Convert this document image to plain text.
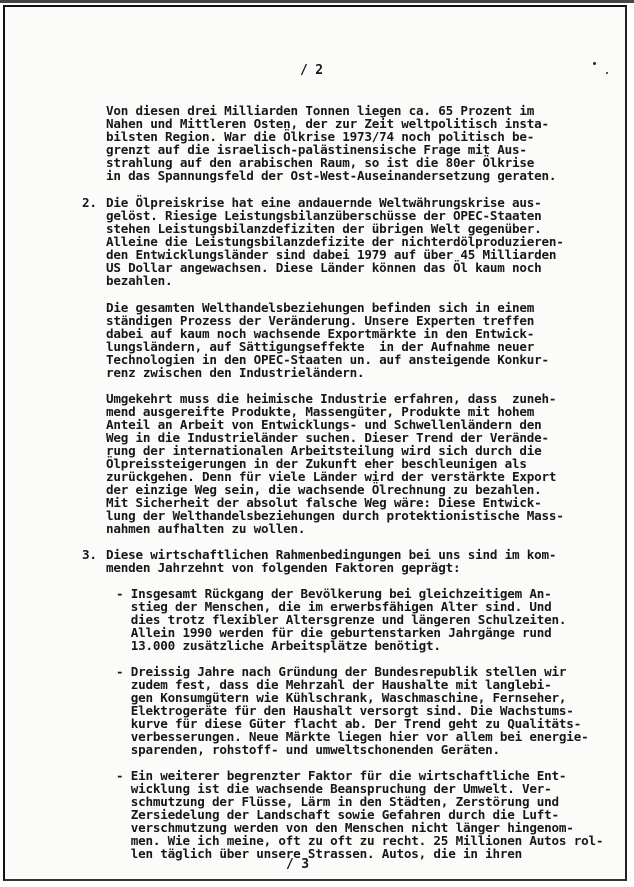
/ 2
Von diesen drei Milliarden Tonnen liegen ca. 65 Prozent im
Nahen und Mittleren Osten, der zur Zeit weltpolitisch insta-
bilsten Region. War die Ölkrise 1973/74 noch politisch be-
grenzt auf die israelisch-palästinensische Frage mit Aus-
strahlung auf den arabischen Raum, so ist die 80er Ölkrise
in das Spannungsfeld der Ost-West-Auseinandersetzung geraten.
2. Die Ölpreiskrise hat eine andauernde Weltwährungskrise aus-
gelöst. Riesige Leistungsbilanzüberschüsse der OPEC-Staaten
stehen Leistungsbilanzdefiziten der übrigen Welt gegenüber.
Alleine die Leistungsbilanzdefizite der nichterdölproduzieren-
den Entwicklungsländer sind dabei 1979 auf über 45 Milliarden
US Dollar angewachsen. Diese Länder können das Öl kaum noch
bezahlen.
Die gesamten Welthandelsbeziehungen befinden sich in einem
ständigen Prozess der Veränderung. Unsere Experten treffen
dabei auf kaum noch wachsende Exportmärkte in den Entwick-
lungsländern, auf Sättigungseffekte  in der Aufnahme neuer
Technologien in den OPEC-Staaten un. auf ansteigende Konkur-
renz zwischen den Industrieländern.
Umgekehrt muss die heimische Industrie erfahren, dass  zuneh-
mend ausgereifte Produkte, Massengüter, Produkte mit hohem
Anteil an Arbeit von Entwicklungs- und Schwellenländern den
Weg in die Industrieländer suchen. Dieser Trend der Verände-
rung der internationalen Arbeitsteilung wird sich durch die
Ölpreissteigerungen in der Zukunft eher beschleunigen als
zurückgehen. Denn für viele Länder wird der verstärkte Export
der einzige Weg sein, die wachsende Ölrechnung zu bezahlen.
Mit Sicherheit der absolut falsche Weg wäre: Diese Entwick-
lung der Welthandelsbeziehungen durch protektionistische Mass-
nahmen aufhalten zu wollen.
3. Diese wirtschaftlichen Rahmenbedingungen bei uns sind im kom-
menden Jahrzehnt von folgenden Faktoren geprägt:
- Insgesamt Rückgang der Bevölkerung bei gleichzeitigem An-
stieg der Menschen, die im erwerbsfähigen Alter sind. Und
dies trotz flexibler Altersgrenze und längeren Schulzeiten.
Allein 1990 werden für die geburtenstarken Jahrgänge rund
13.000 zusätzliche Arbeitsplätze benötigt.
- Dreissig Jahre nach Gründung der Bundesrepublik stellen wir
zudem fest, dass die Mehrzahl der Haushalte mit langlebi-
gen Konsumgütern wie Kühlschrank, Waschmaschine, Fernseher,
Elektrogeräte für den Haushalt versorgt sind. Die Wachstums-
kurve für diese Güter flacht ab. Der Trend geht zu Qualitäts-
verbesserungen. Neue Märkte liegen hier vor allem bei energie-
sparenden, rohstoff- und umweltschonenden Geräten.
- Ein weiterer begrenzter Faktor für die wirtschaftliche Ent-
wicklung ist die wachsende Beanspruchung der Umwelt. Ver-
schmutzung der Flüsse, Lärm in den Städten, Zerstörung und
Zersiedelung der Landschaft sowie Gefahren durch die Luft-
verschmutzung werden von den Menschen nicht länger hingenom-
men. Wie ich meine, oft zu oft zu recht. 25 Millionen Autos rol-
len täglich über unsere Strassen. Autos, die in ihren
/ 3
